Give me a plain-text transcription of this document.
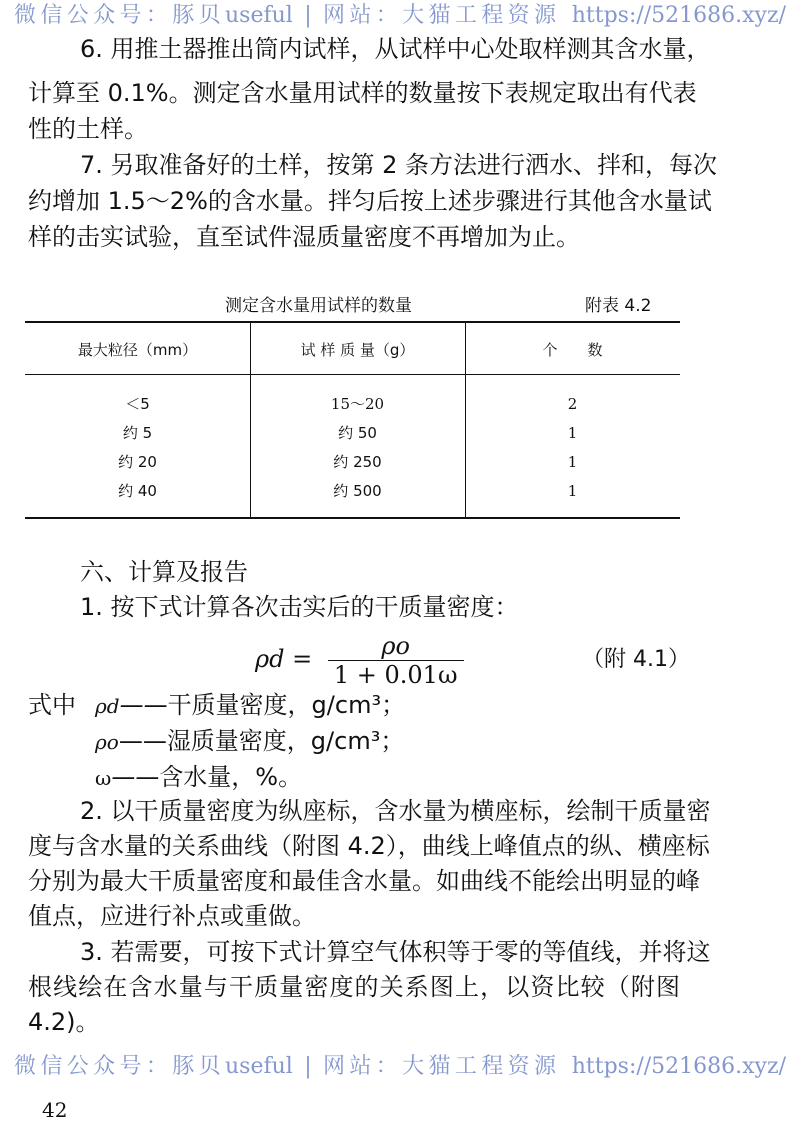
微信公众号：豚贝useful | 网站：大猫工程资源 https://521686.xyz/
6. 用推土器推出筒内试样，从试样中心处取样测其含水量，
计算至 0.1%。测定含水量用试样的数量按下表规定取出有代表
性的土样。
7. 另取准备好的土样，按第 2 条方法进行洒水、拌和，每次
约增加 1.5～2%的含水量。拌匀后按上述步骤进行其他含水量试
样的击实试验，直至试件湿质量密度不再增加为止。
测定含水量用试样的数量	附表 4.2
最大粒径（mm）	试 样 质 量（g）	个　　数
＜5	15～20	2
约 5	约 50	1
约 20	约 250	1
约 40	约 500	1
六、计算及报告
1. 按下式计算各次击实后的干质量密度：
$\rho d = \frac{\rho o}{1 + 0.01\omega}$	（附 4.1）
式中 ρd——干质量密度，g/cm³；
ρo——湿质量密度，g/cm³；
ω——含水量，%。
2. 以干质量密度为纵座标，含水量为横座标，绘制干质量密
度与含水量的关系曲线（附图 4.2），曲线上峰值点的纵、横座标
分别为最大干质量密度和最佳含水量。如曲线不能绘出明显的峰
值点，应进行补点或重做。
3. 若需要，可按下式计算空气体积等于零的等值线，并将这
根线绘在含水量与干质量密度的关系图上，以资比较（附图
4.2)。
微信公众号：豚贝useful | 网站：大猫工程资源 https://521686.xyz/
42
